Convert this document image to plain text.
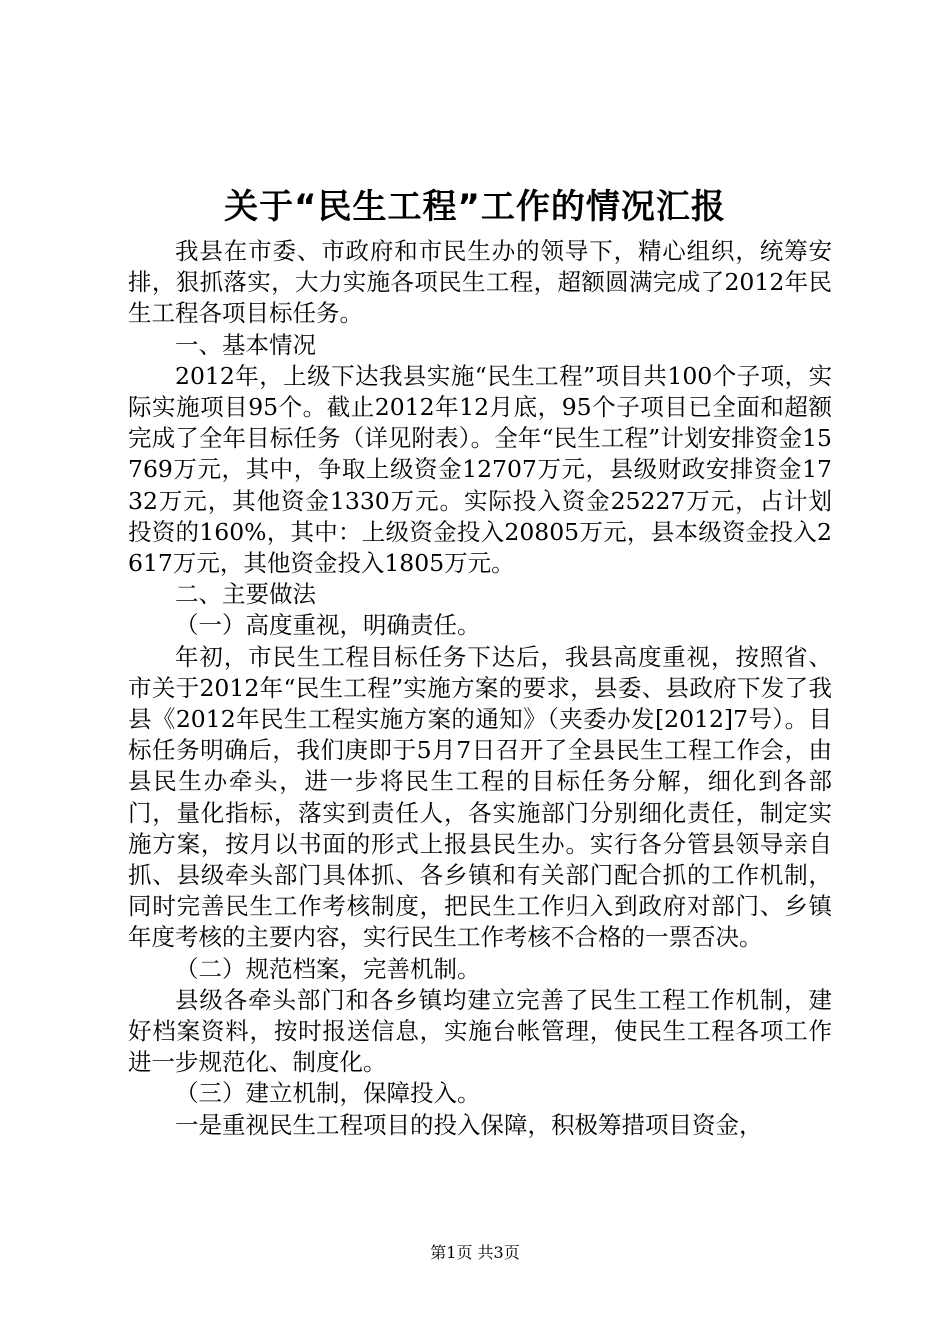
关于“民生工程”工作的情况汇报

我县在市委、市政府和市民生办的领导下，精心组织，统筹安排，狠抓落实，大力实施各项民生工程，超额圆满完成了2012年民生工程各项目标任务。

一、基本情况

2012年，上级下达我县实施“民生工程”项目共100个子项，实际实施项目95个。截止2012年12月底，95个子项目已全面和超额完成了全年目标任务（详见附表）。全年“民生工程”计划安排资金15769万元，其中，争取上级资金12707万元，县级财政安排资金1732万元，其他资金1330万元。实际投入资金25227万元，占计划投资的160%，其中：上级资金投入20805万元，县本级资金投入2617万元，其他资金投入1805万元。

二、主要做法

（一）高度重视，明确责任。

年初，市民生工程目标任务下达后，我县高度重视，按照省、市关于2012年“民生工程”实施方案的要求，县委、县政府下发了我县《2012年民生工程实施方案的通知》（夹委办发[2012]7号）。目标任务明确后，我们庚即于5月7日召开了全县民生工程工作会，由县民生办牵头，进一步将民生工程的目标任务分解，细化到各部门，量化指标，落实到责任人，各实施部门分别细化责任，制定实施方案，按月以书面的形式上报县民生办。实行各分管县领导亲自抓、县级牵头部门具体抓、各乡镇和有关部门配合抓的工作机制，同时完善民生工作考核制度，把民生工作归入到政府对部门、乡镇年度考核的主要内容，实行民生工作考核不合格的一票否决。

（二）规范档案，完善机制。

县级各牵头部门和各乡镇均建立完善了民生工程工作机制，建好档案资料，按时报送信息，实施台帐管理，使民生工程各项工作进一步规范化、制度化。

（三）建立机制，保障投入。

一是重视民生工程项目的投入保障，积极筹措项目资金，

第1页 共3页
